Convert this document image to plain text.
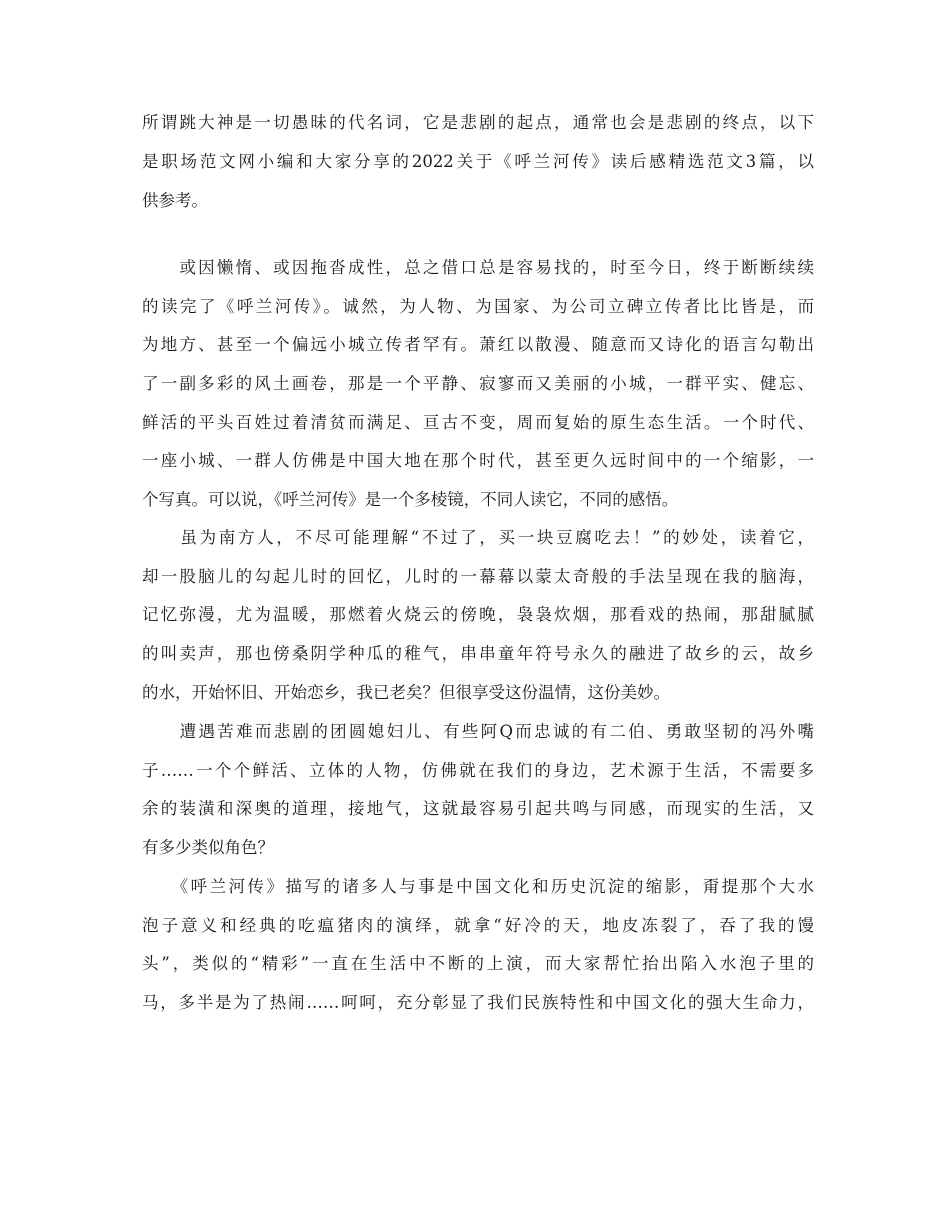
所谓跳大神是一切愚昧的代名词，它是悲剧的起点，通常也会是悲剧的终点，以下
是职场范文网小编和大家分享的2022关于《呼兰河传》读后感精选范文3篇，以
供参考。
　　或因懒惰、或因拖沓成性，总之借口总是容易找的，时至今日，终于断断续续
的读完了《呼兰河传》。诚然，为人物、为国家、为公司立碑立传者比比皆是，而
为地方、甚至一个偏远小城立传者罕有。萧红以散漫、随意而又诗化的语言勾勒出
了一副多彩的风土画卷，那是一个平静、寂寥而又美丽的小城，一群平实、健忘、
鲜活的平头百姓过着清贫而满足、亘古不变，周而复始的原生态生活。一个时代、
一座小城、一群人仿佛是中国大地在那个时代，甚至更久远时间中的一个缩影，一
个写真。可以说，《呼兰河传》是一个多棱镜，不同人读它，不同的感悟。
　　虽为南方人，不尽可能理解“不过了，买一块豆腐吃去！”的妙处，读着它，
却一股脑儿的勾起儿时的回忆，儿时的一幕幕以蒙太奇般的手法呈现在我的脑海，
记忆弥漫，尤为温暖，那燃着火烧云的傍晚，袅袅炊烟，那看戏的热闹，那甜腻腻
的叫卖声，那也傍桑阴学种瓜的稚气，串串童年符号永久的融进了故乡的云，故乡
的水，开始怀旧、开始恋乡，我已老矣？但很享受这份温情，这份美妙。
　　遭遇苦难而悲剧的团圆媳妇儿、有些阿Q而忠诚的有二伯、勇敢坚韧的冯外嘴
子……一个个鲜活、立体的人物，仿佛就在我们的身边，艺术源于生活，不需要多
余的装潢和深奥的道理，接地气，这就最容易引起共鸣与同感，而现实的生活，又
有多少类似角色？
　　《呼兰河传》描写的诸多人与事是中国文化和历史沉淀的缩影，甭提那个大水
泡子意义和经典的吃瘟猪肉的演绎，就拿“好冷的天，地皮冻裂了，吞了我的馒
头”，类似的“精彩”一直在生活中不断的上演，而大家帮忙抬出陷入水泡子里的
马，多半是为了热闹……呵呵，充分彰显了我们民族特性和中国文化的强大生命力，
